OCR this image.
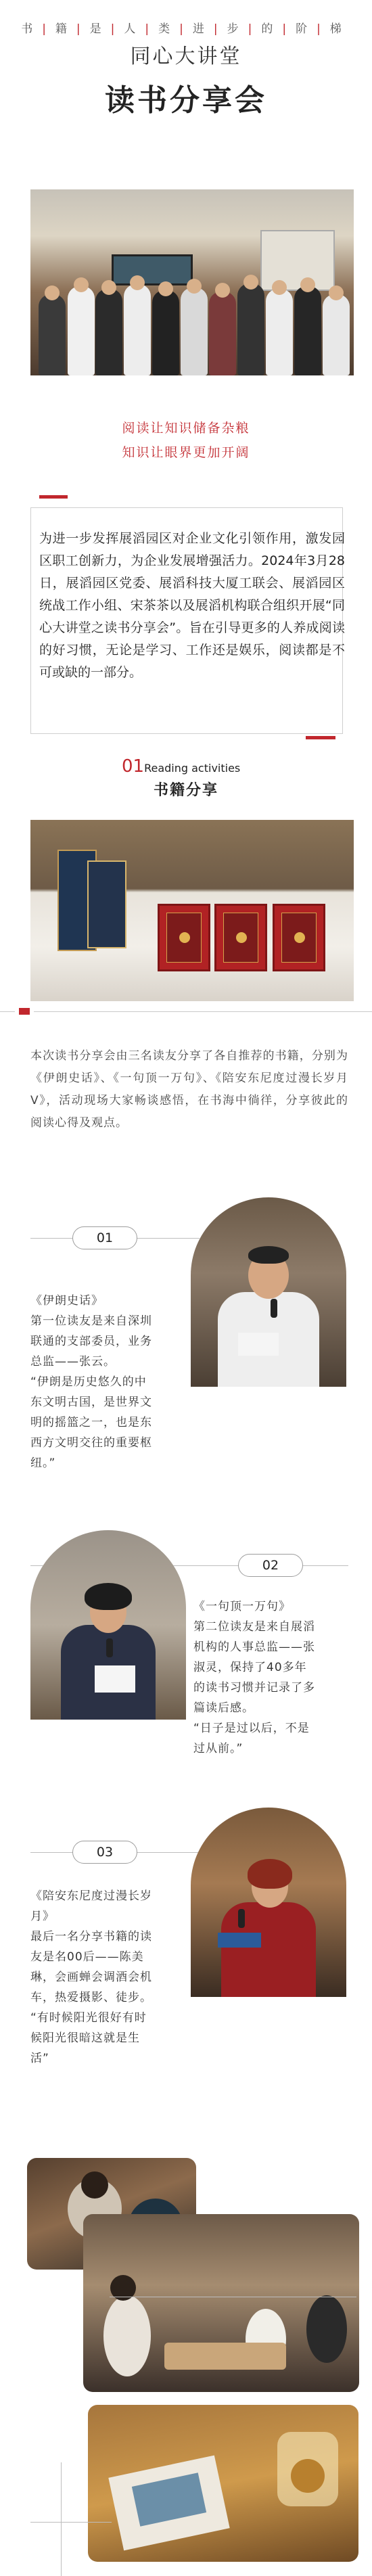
书|籍|是|人|类|进|步|的|阶|梯
同心大讲堂
读书分享会
阅读让知识储备杂粮
知识让眼界更加开阔
为进一步发挥展滔园区对企业文化引领作用，激发园区职工创新力，为企业发展增强活力。2024年3月28日，展滔园区党委、展滔科技大厦工联会、展滔园区统战工作小组、宋茶茶以及展滔机构联合组织开展“同心大讲堂之读书分享会”。旨在引导更多的人养成阅读的好习惯，无论是学习、工作还是娱乐，阅读都是不可或缺的一部分。
01Reading activities
书籍分享
本次读书分享会由三名读友分享了各自推荐的书籍，分别为《伊朗史话》、《一句顶一万句》、《陪安东尼度过漫长岁月Ⅴ》，活动现场大家畅谈感悟，在书海中徜徉，分享彼此的阅读心得及观点。
01
《伊朗史话》
第一位读友是来自深圳
联通的支部委员，业务
总监——张云。
“伊朗是历史悠久的中
东文明古国，是世界文
明的摇篮之一，也是东
西方文明交往的重要枢
纽。”
02
《一句顶一万句》
第二位读友是来自展滔
机构的人事总监——张
淑灵，保持了40多年
的读书习惯并记录了多
篇读后感。
“日子是过以后，不是
过从前。”
03
《陪安东尼度过漫长岁
月》
最后一名分享书籍的读
友是名00后——陈美
琳，会画蝉会调酒会机
车，热爱摄影、徒步。
“有时候阳光很好有时
候阳光很暗这就是生
活”
